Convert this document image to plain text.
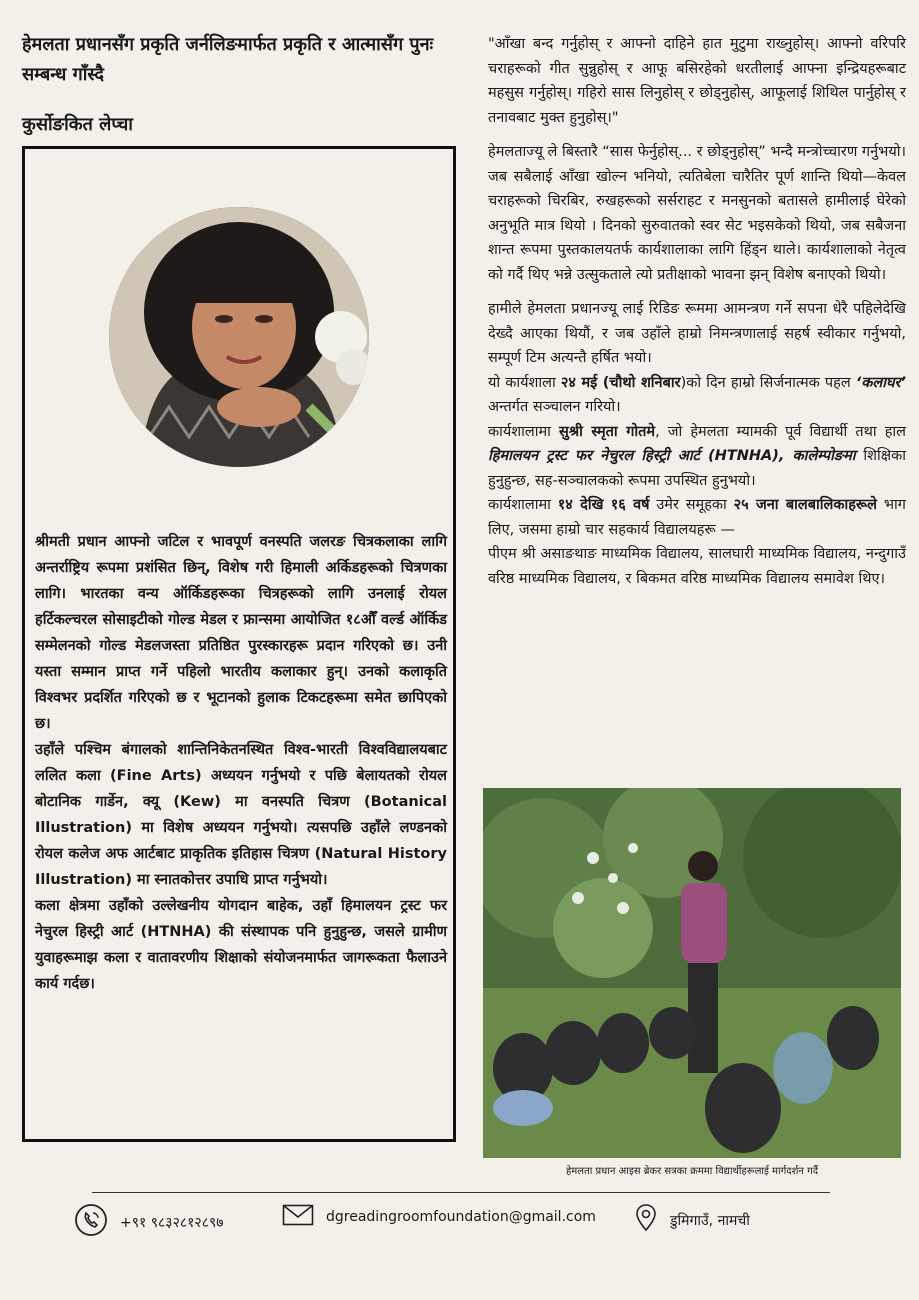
हेमलता प्रधानसँग प्रकृति जर्नलिङमार्फत प्रकृति र आत्मासँग पुनः सम्बन्ध गाँस्दै
कुर्सोङकित लेप्चा

श्रीमती प्रधान आफ्नो जटिल र भावपूर्ण वनस्पति जलरङ चित्रकलाका लागि अन्तर्राष्ट्रिय रूपमा प्रशंसित छिन्, विशेष गरी हिमाली अर्किडहरूको चित्रणका लागि। भारतका वन्य ऑर्किडहरूका चित्रहरूको लागि उनलाई रोयल हर्टिकल्चरल सोसाइटीको गोल्ड मेडल र फ्रान्समा आयोजित १८औँ वर्ल्ड ऑर्किड सम्मेलनको गोल्ड मेडलजस्ता प्रतिष्ठित पुरस्कारहरू प्रदान गरिएको छ। उनी यस्ता सम्मान प्राप्त गर्ने पहिलो भारतीय कलाकार हुन्। उनको कलाकृति विश्वभर प्रदर्शित गरिएको छ र भूटानको हुलाक टिकटहरूमा समेत छापिएको छ।

उहाँले पश्चिम बंगालको शान्तिनिकेतनस्थित विश्व-भारती विश्वविद्यालयबाट ललित कला (Fine Arts) अध्ययन गर्नुभयो र पछि बेलायतको रोयल बोटानिक गार्डेन, क्यू (Kew) मा वनस्पति चित्रण (Botanical Illustration) मा विशेष अध्ययन गर्नुभयो। त्यसपछि उहाँले लण्डनको रोयल कलेज अफ आर्टबाट प्राकृतिक इतिहास चित्रण (Natural History Illustration) मा स्नातकोत्तर उपाधि प्राप्त गर्नुभयो।

कला क्षेत्रमा उहाँको उल्लेखनीय योगदान बाहेक, उहाँ हिमालयन ट्रस्ट फर नेचुरल हिस्ट्री आर्ट (HTNHA) की संस्थापक पनि हुनुहुन्छ, जसले ग्रामीण युवाहरूमाझ कला र वातावरणीय शिक्षाको संयोजनमार्फत जागरूकता फैलाउने कार्य गर्दछ।

"आँखा बन्द गर्नुहोस् र आफ्नो दाहिने हात मुटुमा राख्नुहोस्। आफ्नो वरिपरि चराहरूको गीत सुन्नुहोस् र आफू बसिरहेको धरतीलाई आफ्ना इन्द्रियहरूबाट महसुस गर्नुहोस्। गहिरो सास लिनुहोस् र छोड्नुहोस्, आफूलाई शिथिल पार्नुहोस् र तनावबाट मुक्त हुनुहोस्।"

हेमलताज्यू ले बिस्तारै “सास फेर्नुहोस्... र छोड्नुहोस्” भन्दै मन्त्रोच्चारण गर्नुभयो। जब सबैलाई आँखा खोल्न भनियो, त्यतिबेला चारैतिर पूर्ण शान्ति थियो—केवल चराहरूको चिरबिर, रुखहरूको सर्सराहट र मनसुनको बतासले हामीलाई घेरेको अनुभूति मात्र थियो । दिनको सुरुवातको स्वर सेट भइसकेको थियो, जब सबैजना शान्त रूपमा पुस्तकालयतर्फ कार्यशालाका लागि हिंड्न थाले। कार्यशालाको नेतृत्व को गर्दै थिए भन्ने उत्सुकताले त्यो प्रतीक्षाको भावना झन् विशेष बनाएको थियो।

हामीले हेमलता प्रधानज्यू लाई रिडिङ रूममा आमन्त्रण गर्ने सपना धेरै पहिलेदेखि देख्दै आएका थियौं, र जब उहाँले हाम्रो निमन्त्रणालाई सहर्ष स्वीकार गर्नुभयो, सम्पूर्ण टिम अत्यन्तै हर्षित भयो।

यो कार्यशाला २४ मई (चौथो शनिबार)को दिन हाम्रो सिर्जनात्मक पहल ‘कलाघर’ अन्तर्गत सञ्चालन गरियो।

कार्यशालामा सुश्री स्मृता गोतमे, जो हेमलता म्यामकी पूर्व विद्यार्थी तथा हाल हिमालयन ट्रस्ट फर नेचुरल हिस्ट्री आर्ट (HTNHA), कालेम्पोङमा शिक्षिका हुनुहुन्छ, सह-सञ्चालकको रूपमा उपस्थित हुनुभयो।

कार्यशालामा १४ देखि १६ वर्ष उमेर समूहका २५ जना बालबालिकाहरूले भाग लिए, जसमा हाम्रो चार सहकार्य विद्यालयहरू —

पीएम श्री असाङथाङ माध्यमिक विद्यालय, सालघारी माध्यमिक विद्यालय, नन्दुगाउँ वरिष्ठ माध्यमिक विद्यालय, र बिकमत वरिष्ठ माध्यमिक विद्यालय समावेश थिए।

हेमलता प्रधान आइस ब्रेकर सत्रका क्रममा विद्यार्थीहरूलाई मार्गदर्शन गर्दै
+९१ ९८३२८१२८९७	dgreadingroomfoundation@gmail.com	डुमिगाउँ, नामची
